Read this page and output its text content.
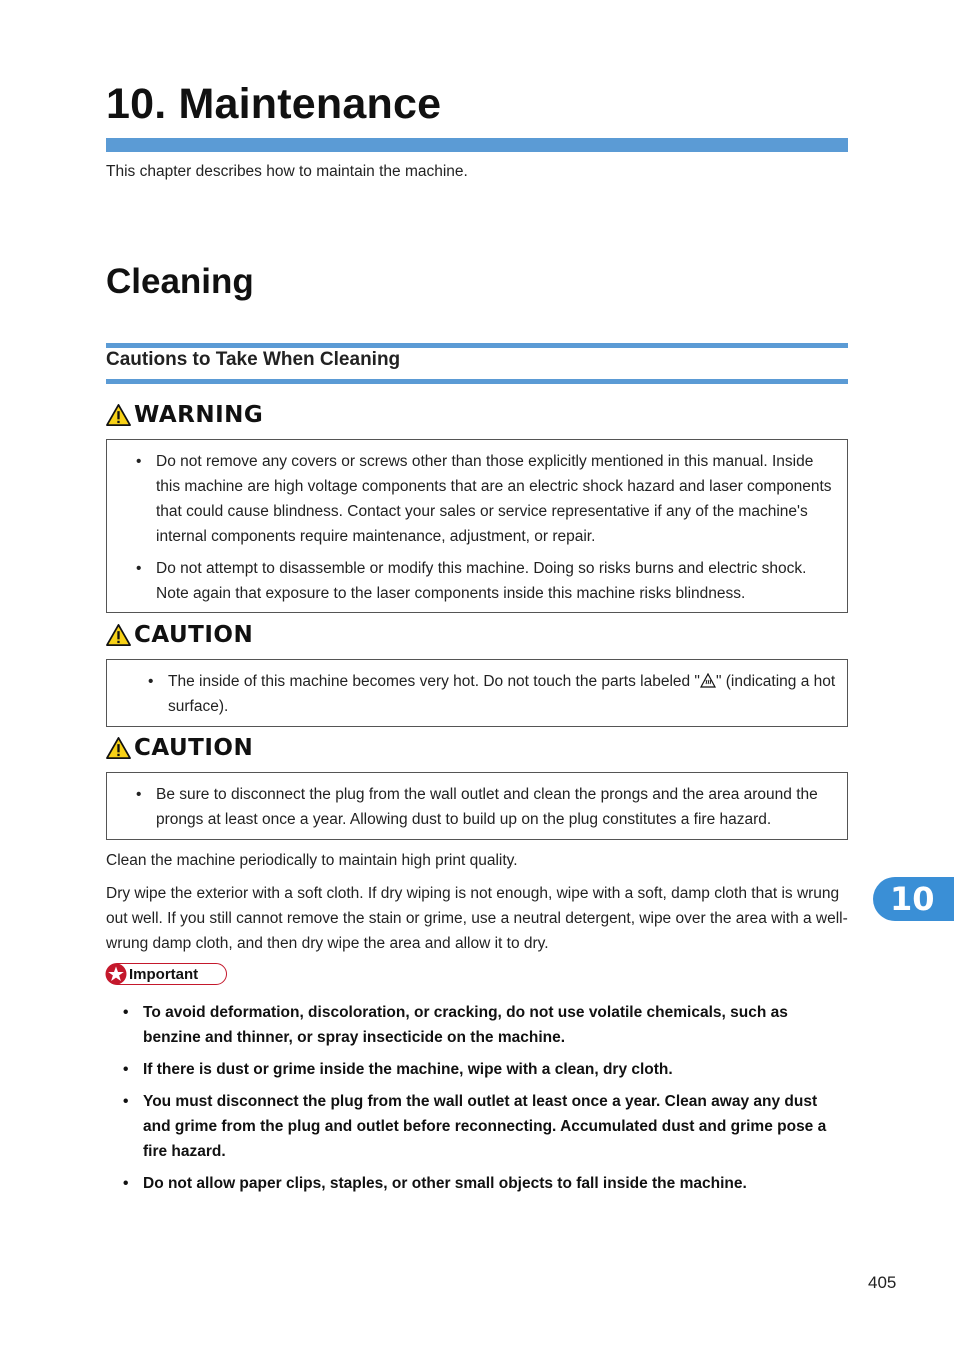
10. Maintenance
This chapter describes how to maintain the machine.
Cleaning
Cautions to Take When Cleaning
WARNING
• Do not remove any covers or screws other than those explicitly mentioned in this manual. Inside this machine are high voltage components that are an electric shock hazard and laser components that could cause blindness. Contact your sales or service representative if any of the machine's internal components require maintenance, adjustment, or repair.
• Do not attempt to disassemble or modify this machine. Doing so risks burns and electric shock. Note again that exposure to the laser components inside this machine risks blindness.
CAUTION
• The inside of this machine becomes very hot. Do not touch the parts labeled " " (indicating a hot surface).
CAUTION
• Be sure to disconnect the plug from the wall outlet and clean the prongs and the area around the prongs at least once a year. Allowing dust to build up on the plug constitutes a fire hazard.
Clean the machine periodically to maintain high print quality.
Dry wipe the exterior with a soft cloth. If dry wiping is not enough, wipe with a soft, damp cloth that is wrung out well. If you still cannot remove the stain or grime, use a neutral detergent, wipe over the area with a well-wrung damp cloth, and then dry wipe the area and allow it to dry.
Important
• To avoid deformation, discoloration, or cracking, do not use volatile chemicals, such as benzine and thinner, or spray insecticide on the machine.
• If there is dust or grime inside the machine, wipe with a clean, dry cloth.
• You must disconnect the plug from the wall outlet at least once a year. Clean away any dust and grime from the plug and outlet before reconnecting. Accumulated dust and grime pose a fire hazard.
• Do not allow paper clips, staples, or other small objects to fall inside the machine.
10
405
